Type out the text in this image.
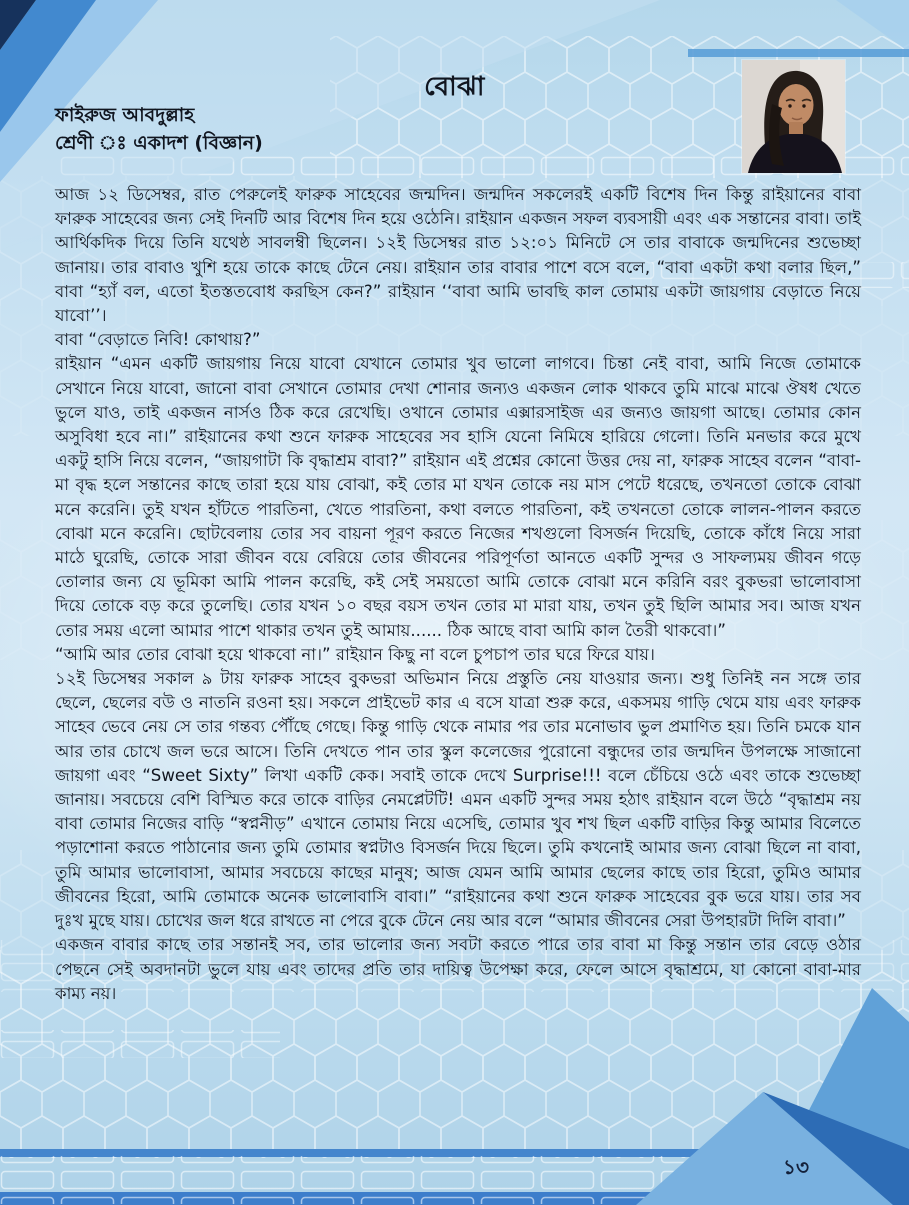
বোঝা
ফাইরুজ আবদুল্লাহ
শ্রেণী ঃ একাদশ (বিজ্ঞান)

আজ ১২ ডিসেম্বর, রাত পেরুলেই ফারুক সাহেবের জন্মদিন। জন্মদিন সকলেরই একটি বিশেষ দিন কিন্তু রাইয়ানের বাবা ফারুক সাহেবের জন্য সেই দিনটি আর বিশেষ দিন হয়ে ওঠেনি। রাইয়ান একজন সফল ব্যবসায়ী এবং এক সন্তানের বাবা। তাই আর্থিকদিক দিয়ে তিনি যথেষ্ঠ সাবলম্বী ছিলেন। ১২ই ডিসেম্বর রাত ১২:০১ মিনিটে সে তার বাবাকে জন্মদিনের শুভেচ্ছা জানায়। তার বাবাও খুশি হয়ে তাকে কাছে টেনে নেয়। রাইয়ান তার বাবার পাশে বসে বলে, “বাবা একটা কথা বলার ছিল,” বাবা “হ্যাঁ বল, এতো ইতস্ততবোধ করছিস কেন?” রাইয়ান ‘‘বাবা আমি ভাবছি কাল তোমায় একটা জায়গায় বেড়াতে নিয়ে যাবো’’।

বাবা “বেড়াতে নিবি! কোথায়?”

রাইয়ান “এমন একটি জায়গায় নিয়ে যাবো যেখানে তোমার খুব ভালো লাগবে। চিন্তা নেই বাবা, আমি নিজে তোমাকে সেখানে নিয়ে যাবো, জানো বাবা সেখানে তোমার দেখা শোনার জন্যও একজন লোক থাকবে তুমি মাঝে মাঝে ঔষধ খেতে ভুলে যাও, তাই একজন নার্সও ঠিক করে রেখেছি। ওখানে তোমার এক্সারসাইজ এর জন্যও জায়গা আছে। তোমার কোন অসুবিধা হবে না।” রাইয়ানের কথা শুনে ফারুক সাহেবের সব হাসি যেনো নিমিষে হারিয়ে গেলো। তিনি মনভার করে মুখে একটু হাসি নিয়ে বলেন, “জায়গাটা কি বৃদ্ধাশ্রম বাবা?” রাইয়ান এই প্রশ্নের কোনো উত্তর দেয় না, ফারুক সাহেব বলেন “বাবা-মা বৃদ্ধ হলে সন্তানের কাছে তারা হয়ে যায় বোঝা, কই তোর মা যখন তোকে নয় মাস পেটে ধরেছে, তখনতো তোকে বোঝা মনে করেনি। তুই যখন হাঁটতে পারতিনা, খেতে পারতিনা, কথা বলতে পারতিনা, কই তখনতো তোকে লালন-পালন করতে বোঝা মনে করেনি। ছোটবেলায় তোর সব বায়না পূরণ করতে নিজের শখগুলো বিসর্জন দিয়েছি, তোকে কাঁধে নিয়ে সারা মাঠে ঘুরেছি, তোকে সারা জীবন বয়ে বেরিয়ে তোর জীবনের পরিপূর্ণতা আনতে একটি সুন্দর ও সাফল্যময় জীবন গড়ে তোলার জন্য যে ভূমিকা আমি পালন করেছি, কই সেই সময়তো আমি তোকে বোঝা মনে করিনি বরং বুকভরা ভালোবাসা দিয়ে তোকে বড় করে তুলেছি। তোর যখন ১০ বছর বয়স তখন তোর মা মারা যায়, তখন তুই ছিলি আমার সব। আজ যখন তোর সময় এলো আমার পাশে থাকার তখন তুই আমায়...... ঠিক আছে বাবা আমি কাল তৈরী থাকবো।”

“আমি আর তোর বোঝা হয়ে থাকবো না।” রাইয়ান কিছু না বলে চুপচাপ তার ঘরে ফিরে যায়।

১২ই ডিসেম্বর সকাল ৯ টায় ফারুক সাহেব বুকভরা অভিমান নিয়ে প্রস্তুতি নেয় যাওয়ার জন্য। শুধু তিনিই নন সঙ্গে তার ছেলে, ছেলের বউ ও নাতনি রওনা হয়। সকলে প্রাইভেট কার এ বসে যাত্রা শুরু করে, একসময় গাড়ি থেমে যায় এবং ফারুক সাহেব ভেবে নেয় সে তার গন্তব্য পৌঁছে গেছে। কিন্তু গাড়ি থেকে নামার পর তার মনোভাব ভুল প্রমাণিত হয়। তিনি চমকে যান আর তার চোখে জল ভরে আসে। তিনি দেখতে পান তার স্কুল কলেজের পুরোনো বন্ধুদের তার জন্মদিন উপলক্ষে সাজানো জায়গা এবং “Sweet Sixty” লিখা একটি কেক। সবাই তাকে দেখে Surprise!!! বলে চেঁচিয়ে ওঠে এবং তাকে শুভেচ্ছা জানায়। সবচেয়ে বেশি বিস্মিত করে তাকে বাড়ির নেমপ্লেটটি! এমন একটি সুন্দর সময় হঠাৎ রাইয়ান বলে উঠে “বৃদ্ধাশ্রম নয় বাবা তোমার নিজের বাড়ি “স্বপ্ননীড়” এখানে তোমায় নিয়ে এসেছি, তোমার খুব শখ ছিল একটি বাড়ির কিন্তু আমার বিলেতে পড়াশোনা করতে পাঠানোর জন্য তুমি তোমার স্বপ্নটাও বিসর্জন দিয়ে ছিলে। তুমি কখনোই আমার জন্য বোঝা ছিলে না বাবা, তুমি আমার ভালোবাসা, আমার সবচেয়ে কাছের মানুষ; আজ যেমন আমি আমার ছেলের কাছে তার হিরো, তুমিও আমার জীবনের হিরো, আমি তোমাকে অনেক ভালোবাসি বাবা।” “রাইয়ানের কথা শুনে ফারুক সাহেবের বুক ভরে যায়। তার সব দুঃখ মুছে যায়। চোখের জল ধরে রাখতে না পেরে বুকে টেনে নেয় আর বলে “আমার জীবনের সেরা উপহারটা দিলি বাবা।”

একজন বাবার কাছে তার সন্তানই সব, তার ভালোর জন্য সবটা করতে পারে তার বাবা মা কিন্তু সন্তান তার বেড়ে ওঠার পেছনে সেই অবদানটা ভুলে যায় এবং তাদের প্রতি তার দায়িত্ব উপেক্ষা করে, ফেলে আসে বৃদ্ধাশ্রমে, যা কোনো বাবা-মার কাম্য নয়।

১৩
